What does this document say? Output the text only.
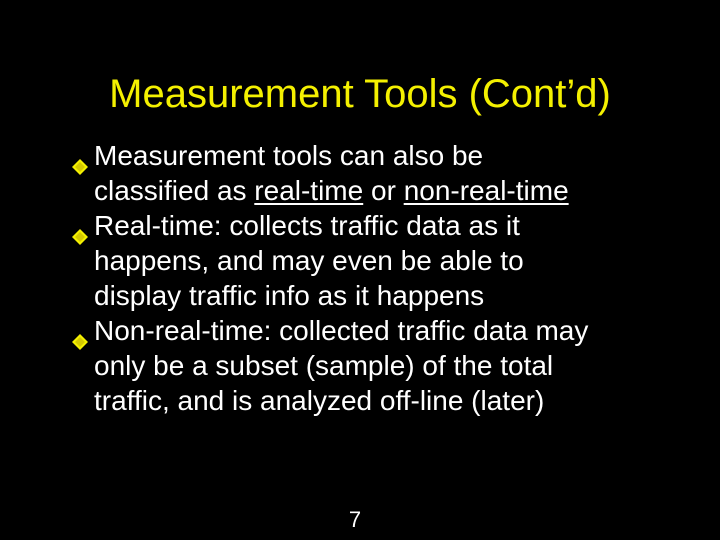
Measurement Tools (Cont’d)
Measurement tools can also be
classified as real-time or non-real-time
Real-time: collects traffic data as it
happens, and may even be able to
display traffic info as it happens
Non-real-time: collected traffic data may
only be a subset (sample) of the total
traffic, and is analyzed off-line (later)
7
